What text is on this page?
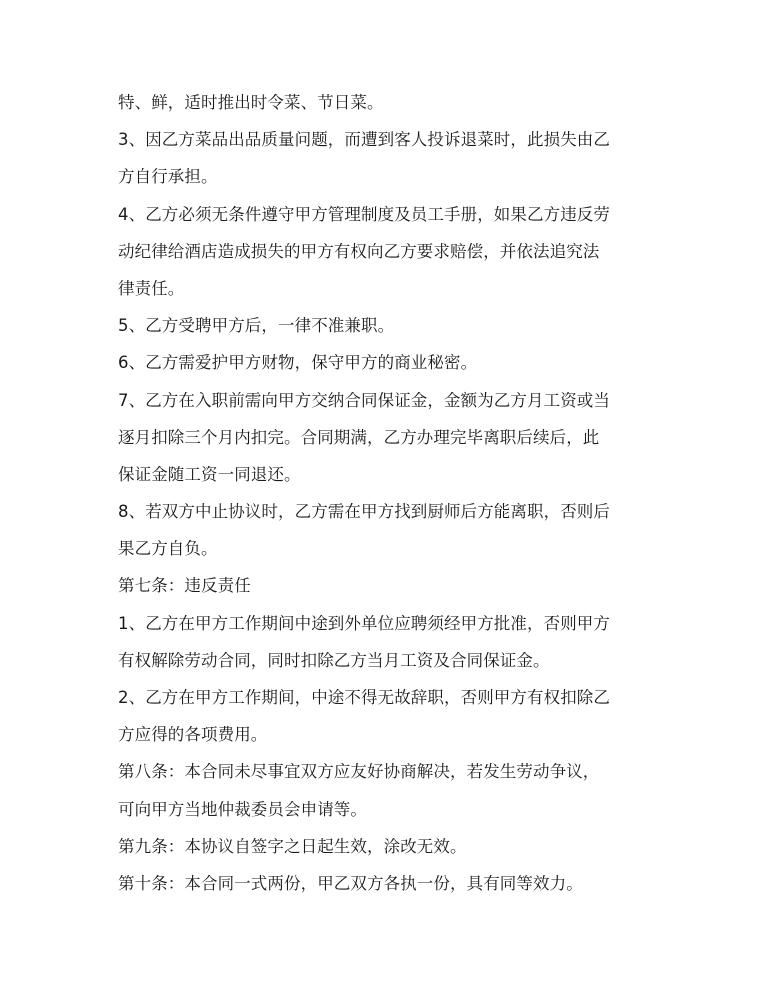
特、鲜，适时推出时令菜、节日菜。
3、因乙方菜品出品质量问题，而遭到客人投诉退菜时，此损失由乙
方自行承担。
4、乙方必须无条件遵守甲方管理制度及员工手册，如果乙方违反劳
动纪律给酒店造成损失的甲方有权向乙方要求赔偿，并依法追究法
律责任。
5、乙方受聘甲方后，一律不准兼职。
6、乙方需爱护甲方财物，保守甲方的商业秘密。
7、乙方在入职前需向甲方交纳合同保证金，金额为乙方月工资或当
逐月扣除三个月内扣完。合同期满，乙方办理完毕离职后续后，此
保证金随工资一同退还。
8、若双方中止协议时，乙方需在甲方找到厨师后方能离职，否则后
果乙方自负。
第七条：违反责任
1、乙方在甲方工作期间中途到外单位应聘须经甲方批准，否则甲方
有权解除劳动合同，同时扣除乙方当月工资及合同保证金。
2、乙方在甲方工作期间，中途不得无故辞职，否则甲方有权扣除乙
方应得的各项费用。
第八条：本合同未尽事宜双方应友好协商解决，若发生劳动争议，
可向甲方当地仲裁委员会申请等。
第九条：本协议自签字之日起生效，涂改无效。
第十条：本合同一式两份，甲乙双方各执一份，具有同等效力。
